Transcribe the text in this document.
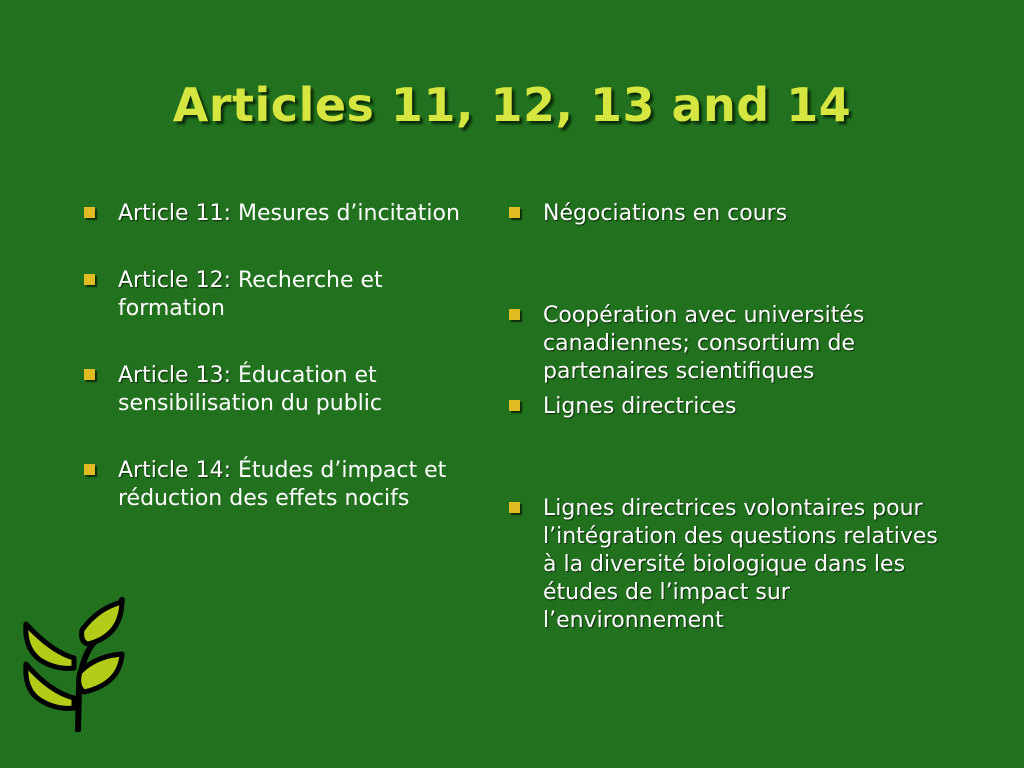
Articles 11, 12, 13 and 14
Article 11: Mesures d’incitation
Article 12: Recherche et formation
Article 13: Éducation et sensibilisation du public
Article 14: Études d’impact et réduction des effets nocifs
Négociations en cours
Coopération avec universités canadiennes; consortium de partenaires scientifiques
Lignes directrices
Lignes directrices volontaires pour l’intégration des questions relatives à la diversité biologique dans les études de l’impact sur l’environnement
